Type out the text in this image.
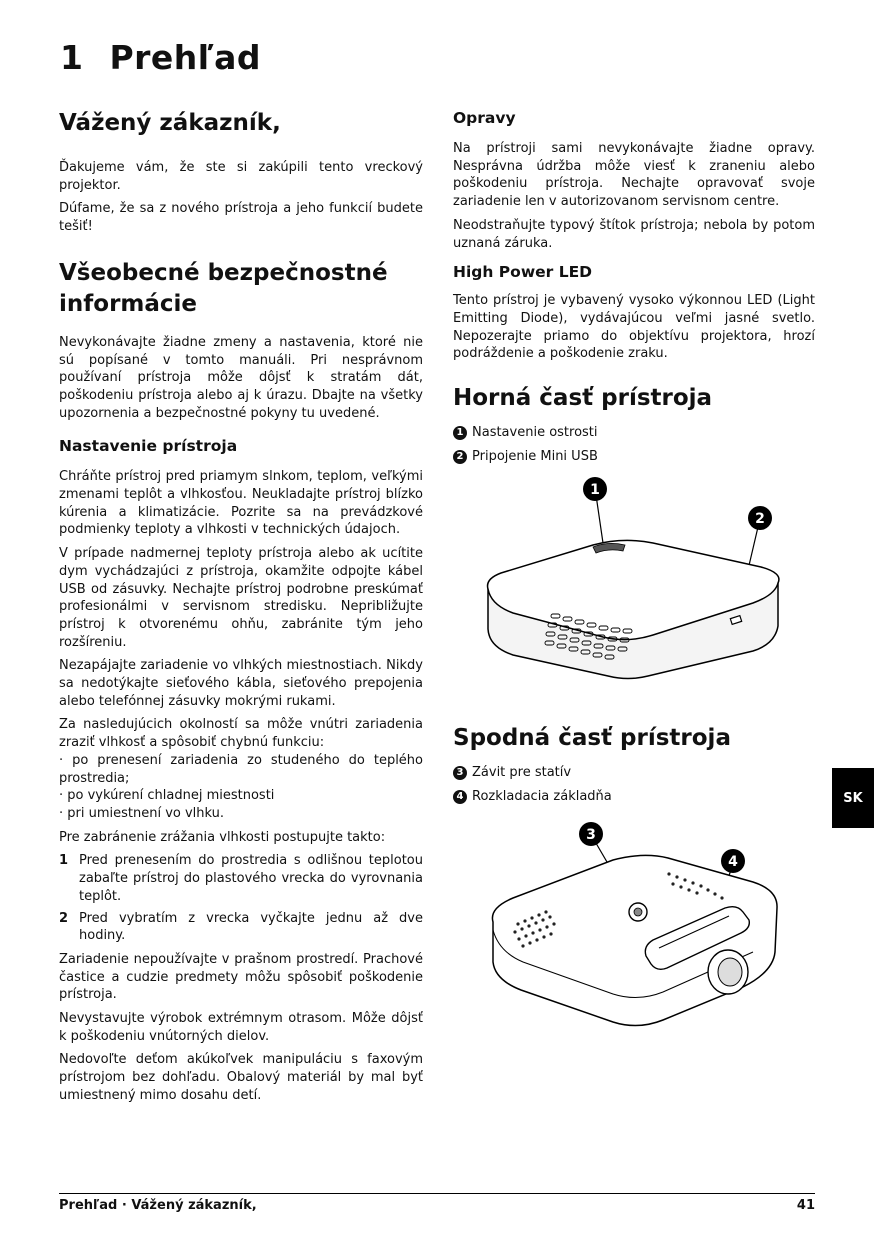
1 Prehľad
Vážený zákazník,

Ďakujeme vám, že ste si zakúpili tento vreckový projektor.

Dúfame, že sa z nového prístroja a jeho funkcií budete tešiť!

Všeobecné bezpečnostné informácie

Nevykonávajte žiadne zmeny a nastavenia, ktoré nie sú popísané v tomto manuáli. Pri nesprávnom používaní prístroja môže dôjsť k stratám dát, poškodeniu prístroja alebo aj k úrazu. Dbajte na všetky upozornenia a bezpečnostné pokyny tu uvedené.

Nastavenie prístroja

Chráňte prístroj pred priamym slnkom, teplom, veľkými zmenami teplôt a vlhkosťou. Neukladajte prístroj blízko kúrenia a klimatizácie. Pozrite sa na prevádzkové podmienky teploty a vlhkosti v technických údajoch.

V prípade nadmernej teploty prístroja alebo ak ucítite dym vychádzajúci z prístroja, okamžite odpojte kábel USB od zásuvky. Nechajte prístroj podrobne preskúmať profesionálmi v servisnom stredisku. Nepribližujte prístroj k otvorenému ohňu, zabránite tým jeho rozšíreniu.

Nezapájajte zariadenie vo vlhkých miestnostiach. Nikdy sa nedotýkajte sieťového kábla, sieťového prepojenia alebo telefónnej zásuvky mokrými rukami.

Za nasledujúcich okolností sa môže vnútri zariadenia zraziť vlhkosť a spôsobiť chybnú funkciu:

· po prenesení zariadenia zo studeného do teplého prostredia;

· po vykúrení chladnej miestnosti

· pri umiestnení vo vlhku.

Pre zabránenie zrážania vlhkosti postupujte takto:

1 Pred prenesením do prostredia s odlišnou teplotou zabaľte prístroj do plastového vrecka do vyrovnania teplôt.
2 Pred vybratím z vrecka vyčkajte jednu až dve hodiny.

Zariadenie nepoužívajte v prašnom prostredí. Prachové častice a cudzie predmety môžu spôsobiť poškodenie prístroja.

Nevystavujte výrobok extrémnym otrasom. Môže dôjsť k poškodeniu vnútorných dielov.

Nedovoľte deťom akúkoľvek manipuláciu s faxovým prístrojom bez dohľadu. Obalový materiál by mal byť umiestnený mimo dosahu detí.

Opravy

Na prístroji sami nevykonávajte žiadne opravy. Nesprávna údržba môže viesť k zraneniu alebo poškodeniu prístroja. Nechajte opravovať svoje zariadenie len v autorizovanom servisnom centre.

Neodstraňujte typový štítok prístroja; nebola by potom uznaná záruka.

High Power LED

Tento prístroj je vybavený vysoko výkonnou LED (Light Emitting Diode), vydávajúcou veľmi jasné svetlo. Nepozerajte priamo do objektívu projektora, hrozí podráždenie a poškodenie zraku.

Horná časť prístroja
1 Nastavenie ostrosti
2 Pripojenie Mini USB
1
2
Spodná časť prístroja
3 Závit pre statív
4 Rozkladacia základňa
3
4
SK
Prehľad · Vážený zákazník,	41
